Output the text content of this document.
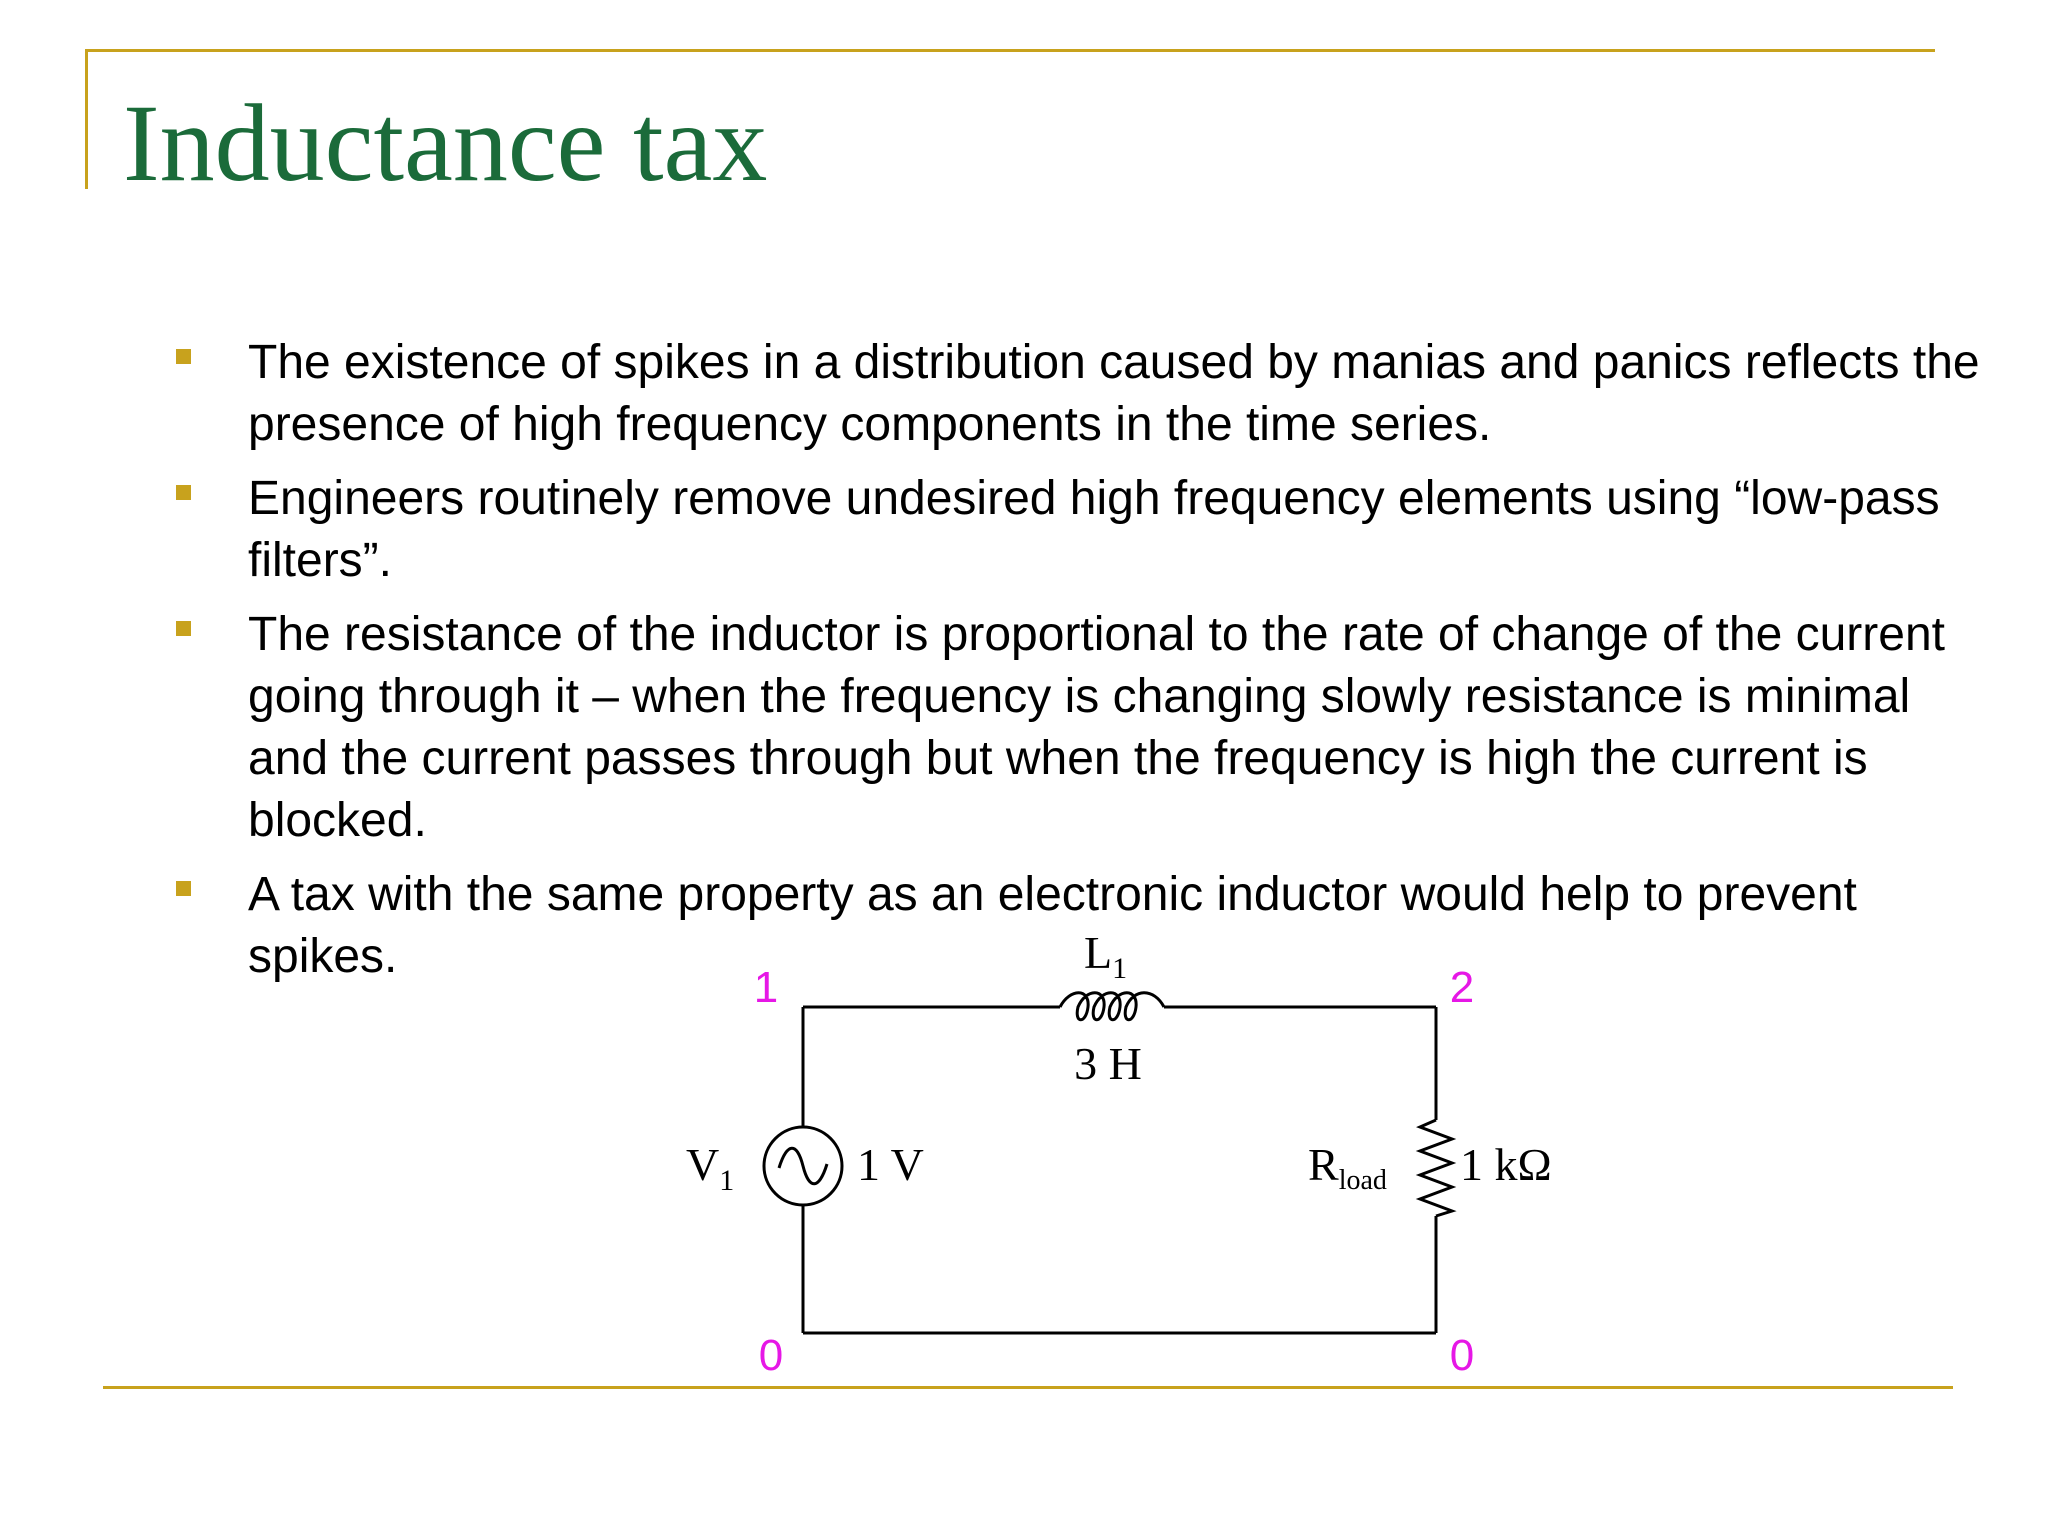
Inductance tax

The existence of spikes in a distribution caused by manias and panics reflects the presence of high frequency components in the time series.

Engineers routinely remove undesired high frequency elements using “low-pass filters”.

The resistance of the inductor is proportional to the rate of change of the current going through it – when the frequency is changing slowly resistance is minimal and the current passes through but when the frequency is high the current is blocked.

A tax with the same property as an electronic inductor would help to prevent spikes.	$L_1$
3 H
$V_1$	1 V	Rload 1 kΩ
1	2
0	0
